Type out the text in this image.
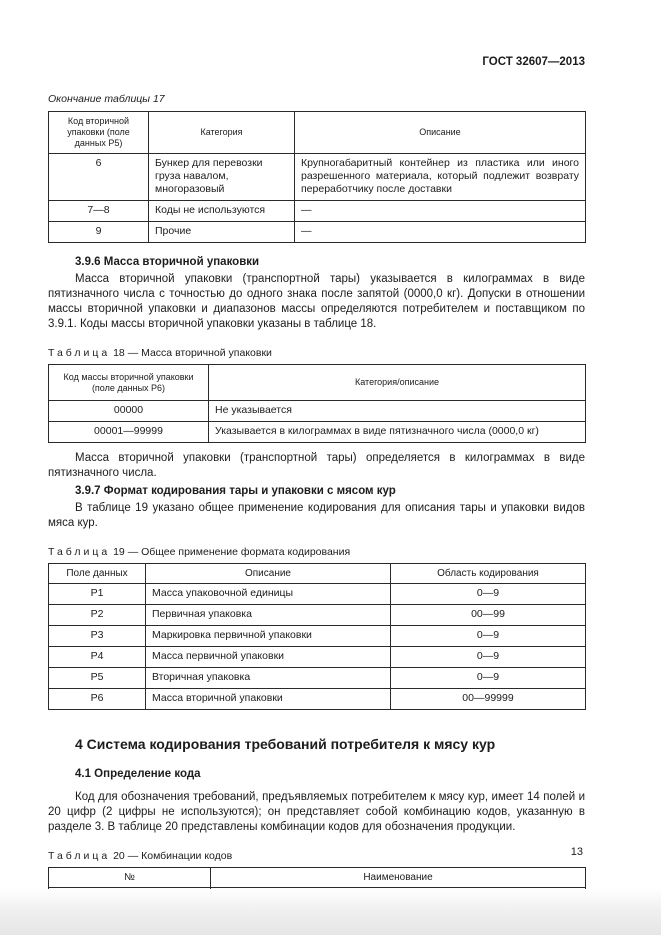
ГОСТ 32607—2013
Окончание таблицы 17
Код вторичной упаковки (поле данных Р5)	Категория	Описание
6	Бункер для перевозки груза навалом, многоразовый	Крупногабаритный контейнер из пластика или иного разрешенного материала, который подлежит возврату переработчику после доставки
7—8	Коды не используются	—
9	Прочие	—
3.9.6 Масса вторичной упаковки

Масса вторичной упаковки (транспортной тары) указывается в килограммах в виде пятизначного числа с точностью до одного знака после запятой (0000,0 кг). Допуски в отношении массы вторичной упаковки и диапазонов массы определяются потребителем и поставщиком по 3.9.1. Коды массы вторичной упаковки указаны в таблице 18.

Таблица 18 — Масса вторичной упаковки
Код массы вторичной упаковки (поле данных Р6)	Категория/описание
00000	Не указывается
00001—99999	Указывается в килограммах в виде пятизначного числа (0000,0 кг)

Масса вторичной упаковки (транспортной тары) определяется в килограммах в виде пятизначного числа.

3.9.7 Формат кодирования тары и упаковки с мясом кур

В таблице 19 указано общее применение кодирования для описания тары и упаковки видов мяса кур.

Таблица 19 — Общее применение формата кодирования
Поле данных	Описание	Область кодирования
Р1	Масса упаковочной единицы	0—9
Р2	Первичная упаковка	00—99
Р3	Маркировка первичной упаковки	0—9
Р4	Масса первичной упаковки	0—9
Р5	Вторичная упаковка	0—9
Р6	Масса вторичной упаковки	00—99999
4 Система кодирования требований потребителя к мясу кур
4.1 Определение кода

Код для обозначения требований, предъявляемых потребителем к мясу кур, имеет 14 полей и 20 цифр (2 цифры не используются); он представляет собой комбинацию кодов, указанную в разделе 3. В таблице 20 представлены комбинации кодов для обозначения продукции.

Таблица 20 — Комбинации кодов
№	Наименование

13
